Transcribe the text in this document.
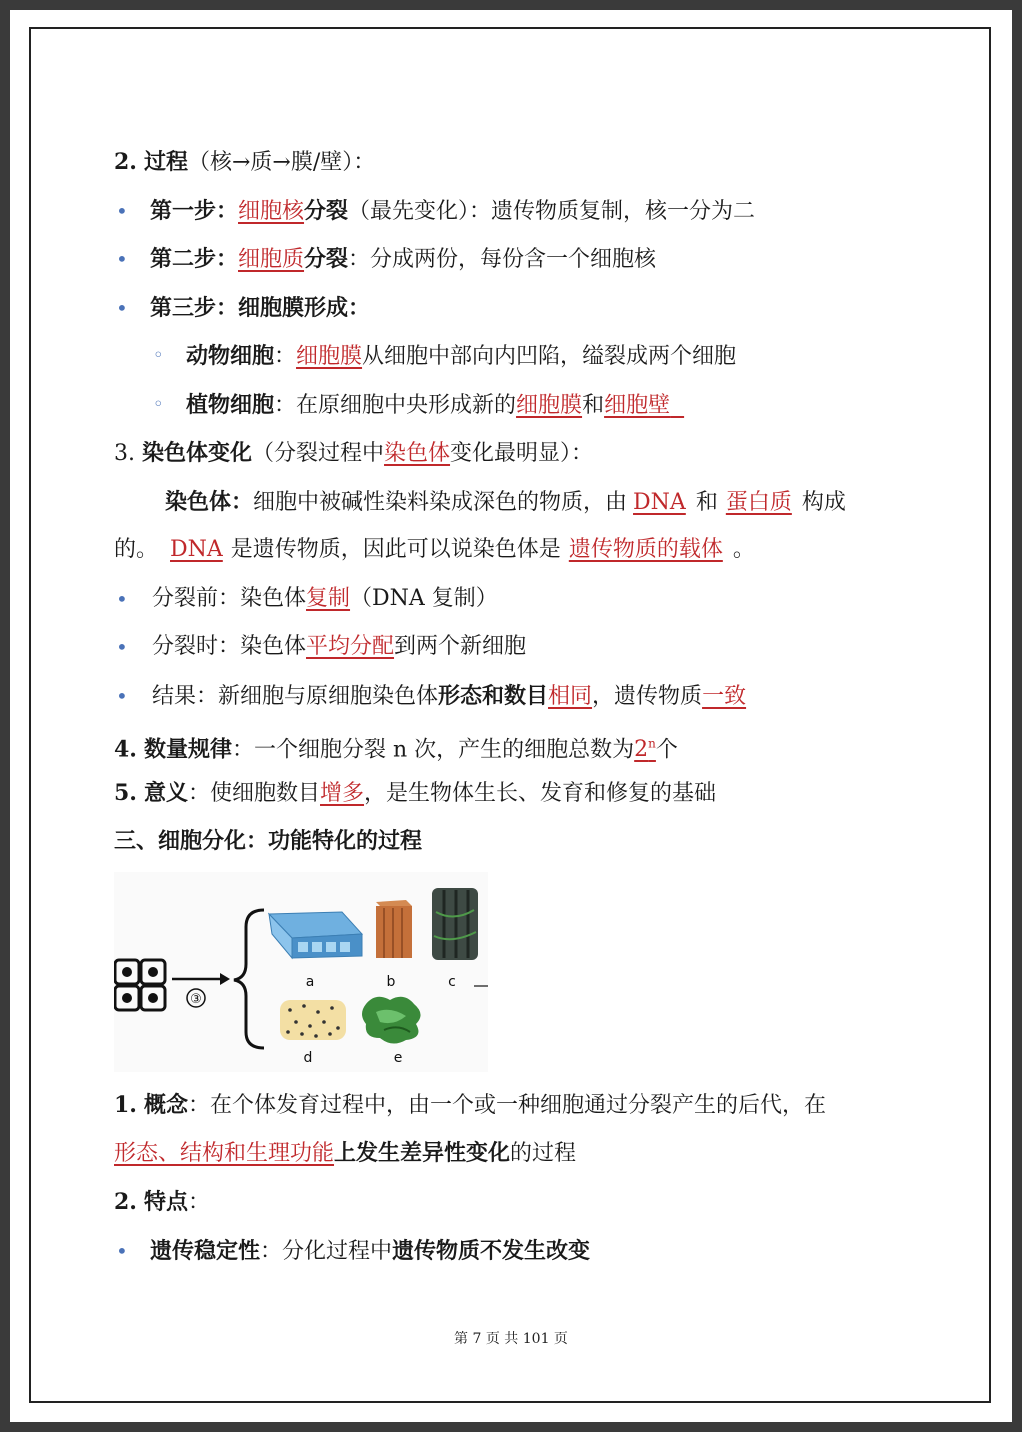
2. 过程（核→质→膜/壁）：
• 第一步：细胞核分裂（最先变化）：遗传物质复制，核一分为二
• 第二步：细胞质分裂：分成两份，每份含一个细胞核
• 第三步：细胞膜形成：
◦ 动物细胞：细胞膜从细胞中部向内凹陷，缢裂成两个细胞
◦ 植物细胞：在原细胞中央形成新的细胞膜和细胞壁
3. 染色体变化（分裂过程中染色体变化最明显）：
染色体：细胞中被碱性染料染成深色的物质，由 DNA 和 蛋白质 构成
的。 DNA 是遗传物质，因此可以说染色体是 遗传物质的载体 。
• 分裂前：染色体复制（DNA 复制）
• 分裂时：染色体平均分配到两个新细胞
• 结果：新细胞与原细胞染色体形态和数目相同，遗传物质一致
4. 数量规律：一个细胞分裂 n 次，产生的细胞总数为2$^n$个
5. 意义：使细胞数目增多，是生物体生长、发育和修复的基础
三、细胞分化：功能特化的过程
③
a	b	c
d	e
1. 概念：在个体发育过程中，由一个或一种细胞通过分裂产生的后代，在
形态、结构和生理功能上发生差异性变化的过程
2. 特点：
• 遗传稳定性：分化过程中遗传物质不发生改变
第 7 页 共 101 页
